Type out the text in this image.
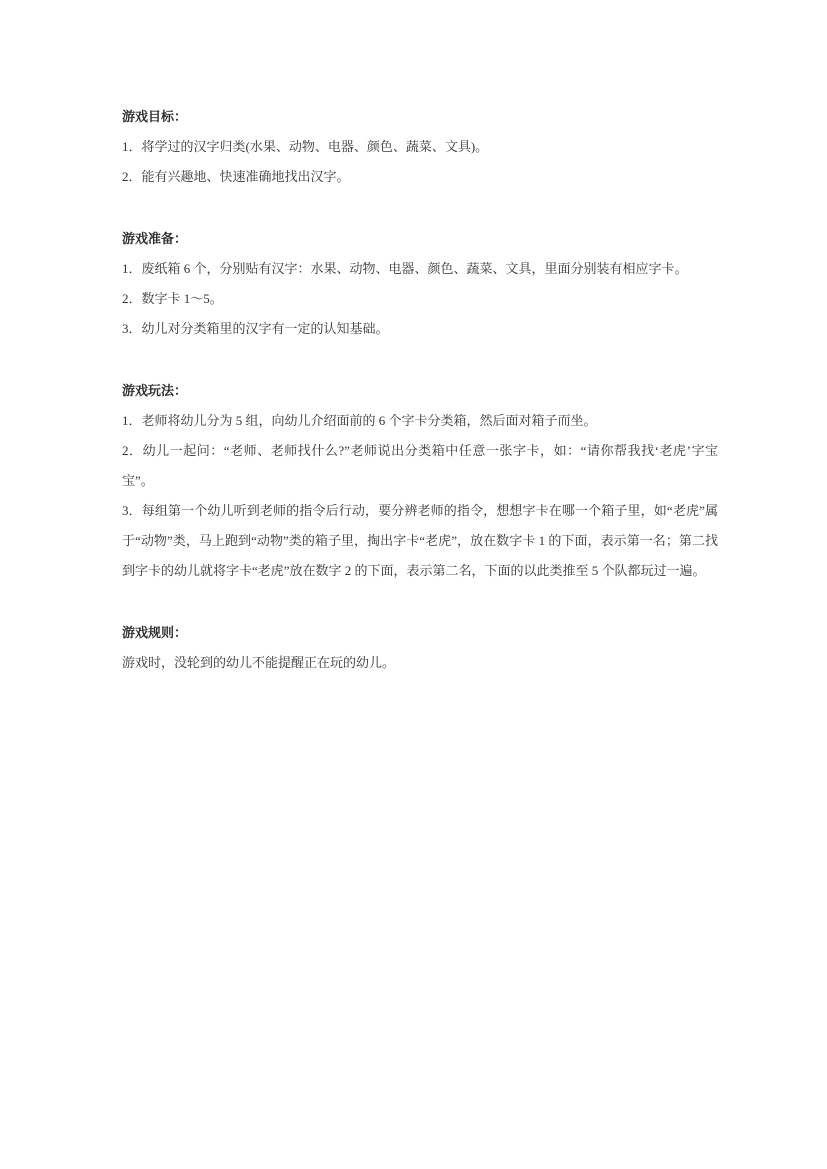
游戏目标：

1．将学过的汉字归类(水果、动物、电器、颜色、蔬菜、文具)。

2．能有兴趣地、快速准确地找出汉字。

游戏准备：

1．废纸箱 6 个，分别贴有汉字：水果、动物、电器、颜色、蔬菜、文具，里面分别装有相应字卡。

2．数字卡 1～5。

3．幼儿对分类箱里的汉字有一定的认知基础。

游戏玩法：

1．老师将幼儿分为 5 组，向幼儿介绍面前的 6 个字卡分类箱，然后面对箱子而坐。

2．幼儿一起问：“老师、老师找什么?”老师说出分类箱中任意一张字卡，如：“请你帮我找‘老虎’字宝宝”。

3．每组第一个幼儿听到老师的指令后行动，要分辨老师的指令，想想字卡在哪一个箱子里，如“老虎”属于“动物”类，马上跑到“动物”类的箱子里，掏出字卡“老虎”，放在数字卡 1 的下面，表示第一名；第二找到字卡的幼儿就将字卡“老虎”放在数字 2 的下面，表示第二名，下面的以此类推至 5 个队都玩过一遍。

游戏规则：

游戏时，没轮到的幼儿不能提醒正在玩的幼儿。
